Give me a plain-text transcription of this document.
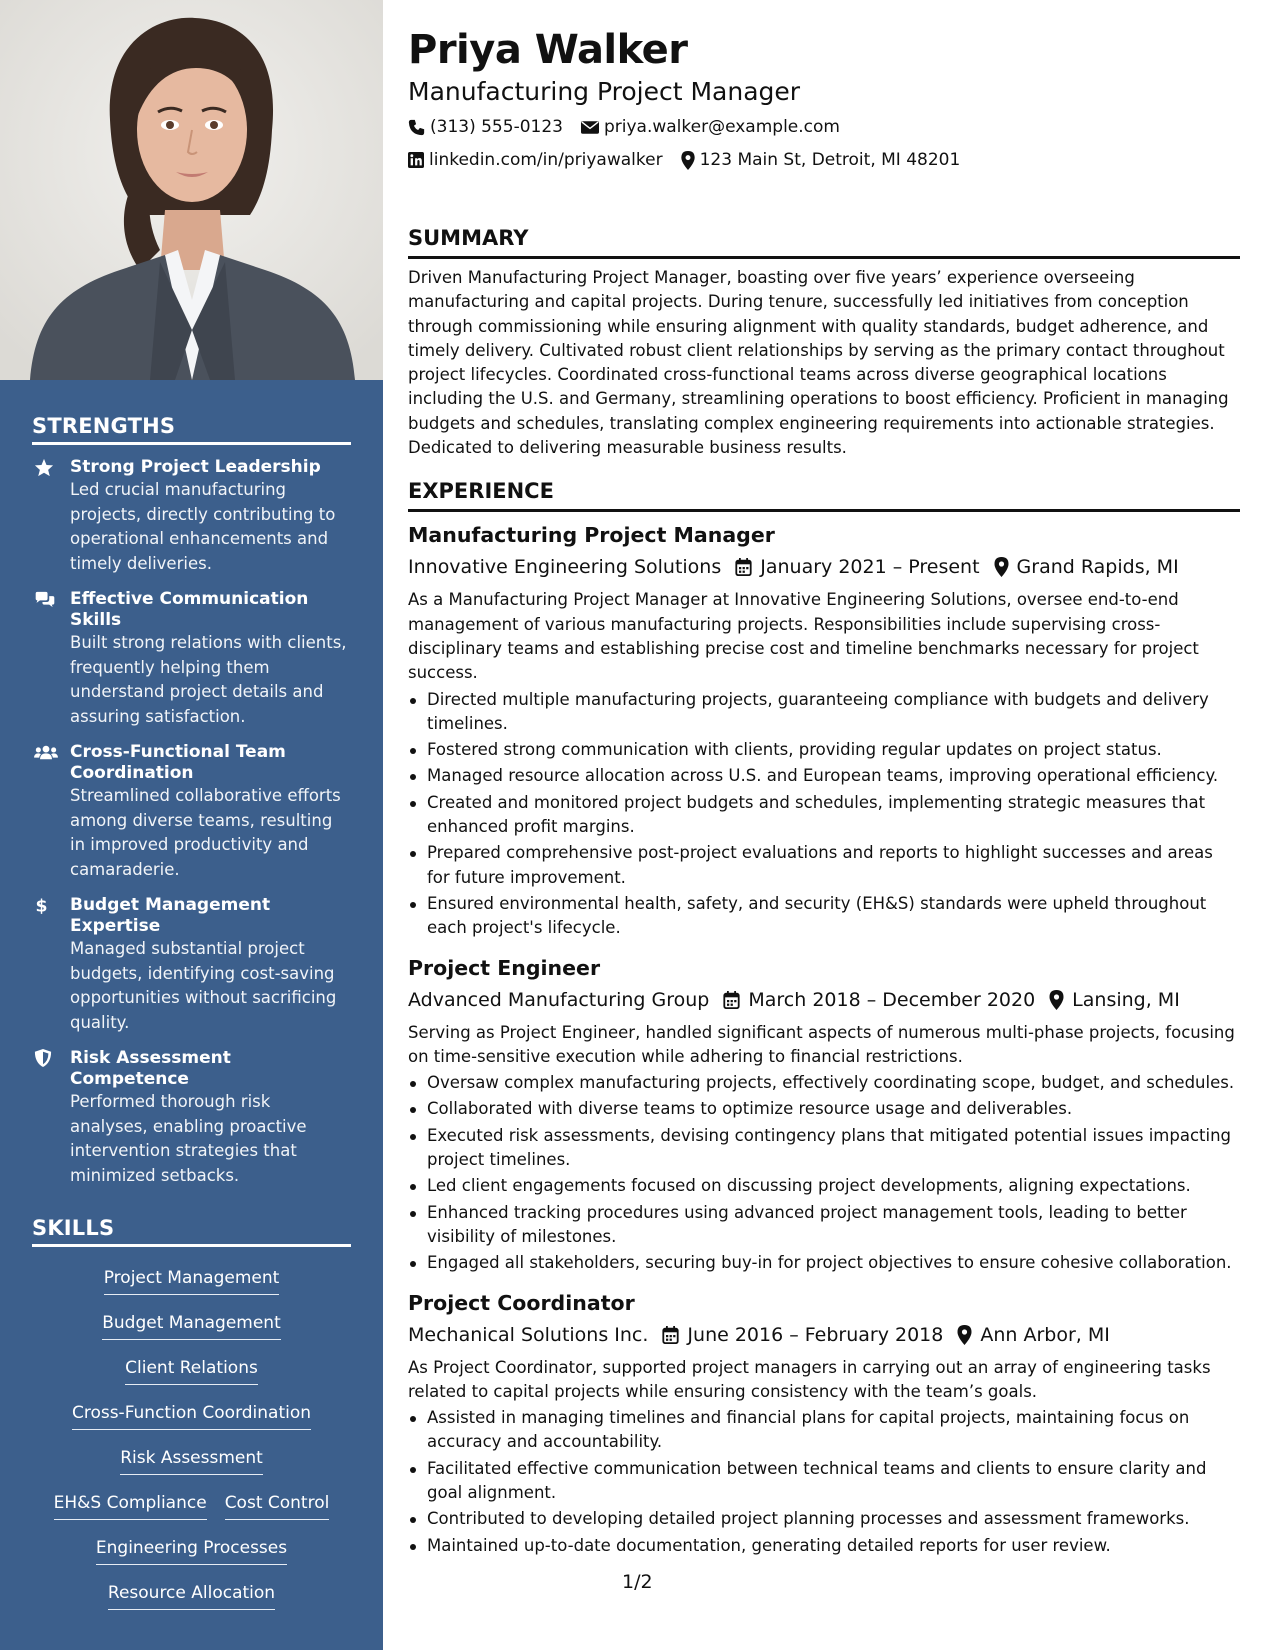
STRENGTHS
Strong Project Leadership
Led crucial manufacturing projects, directly contributing to operational enhancements and timely deliveries.
Effective Communication Skills
Built strong relations with clients, frequently helping them understand project details and assuring satisfaction.
Cross-Functional Team Coordination
Streamlined collaborative efforts among diverse teams, resulting in improved productivity and camaraderie.
$ Budget Management Expertise
Managed substantial project budgets, identifying cost-saving opportunities without sacrificing quality.
Risk Assessment Competence
Performed thorough risk analyses, enabling proactive intervention strategies that minimized setbacks.
SKILLS
Project Management
Budget Management
Client Relations
Cross-Function Coordination
Risk Assessment
EH&S Compliance Cost Control
Engineering Processes
Resource Allocation
Priya Walker
Manufacturing Project Manager
(313) 555-0123 priya.walker@example.com
linkedin.com/in/priyawalker 123 Main St, Detroit, MI 48201
SUMMARY

Driven Manufacturing Project Manager, boasting over five years’ experience overseeing manufacturing and capital projects. During tenure, successfully led initiatives from conception through commissioning while ensuring alignment with quality standards, budget adherence, and timely delivery. Cultivated robust client relationships by serving as the primary contact throughout project lifecycles. Coordinated cross-functional teams across diverse geographical locations including the U.S. and Germany, streamlining operations to boost efficiency. Proficient in managing budgets and schedules, translating complex engineering requirements into actionable strategies. Dedicated to delivering measurable business results.

EXPERIENCE
Manufacturing Project Manager
Innovative Engineering Solutions January 2021 – Present Grand Rapids, MI

As a Manufacturing Project Manager at Innovative Engineering Solutions, oversee end-to-end management of various manufacturing projects. Responsibilities include supervising cross-disciplinary teams and establishing precise cost and timeline benchmarks necessary for project success.

Directed multiple manufacturing projects, guaranteeing compliance with budgets and delivery timelines.
Fostered strong communication with clients, providing regular updates on project status.
Managed resource allocation across U.S. and European teams, improving operational efficiency.
Created and monitored project budgets and schedules, implementing strategic measures that enhanced profit margins.
Prepared comprehensive post-project evaluations and reports to highlight successes and areas for future improvement.
Ensured environmental health, safety, and security (EH&S) standards were upheld throughout each project's lifecycle.
Project Engineer
Advanced Manufacturing Group March 2018 – December 2020 Lansing, MI

Serving as Project Engineer, handled significant aspects of numerous multi-phase projects, focusing on time-sensitive execution while adhering to financial restrictions.

Oversaw complex manufacturing projects, effectively coordinating scope, budget, and schedules.
Collaborated with diverse teams to optimize resource usage and deliverables.
Executed risk assessments, devising contingency plans that mitigated potential issues impacting project timelines.
Led client engagements focused on discussing project developments, aligning expectations.
Enhanced tracking procedures using advanced project management tools, leading to better visibility of milestones.
Engaged all stakeholders, securing buy-in for project objectives to ensure cohesive collaboration.
Project Coordinator
Mechanical Solutions Inc. June 2016 – February 2018 Ann Arbor, MI

As Project Coordinator, supported project managers in carrying out an array of engineering tasks related to capital projects while ensuring consistency with the team’s goals.

Assisted in managing timelines and financial plans for capital projects, maintaining focus on accuracy and accountability.
Facilitated effective communication between technical teams and clients to ensure clarity and goal alignment.
Contributed to developing detailed project planning processes and assessment frameworks.
Maintained up-to-date documentation, generating detailed reports for user review.
1/2
